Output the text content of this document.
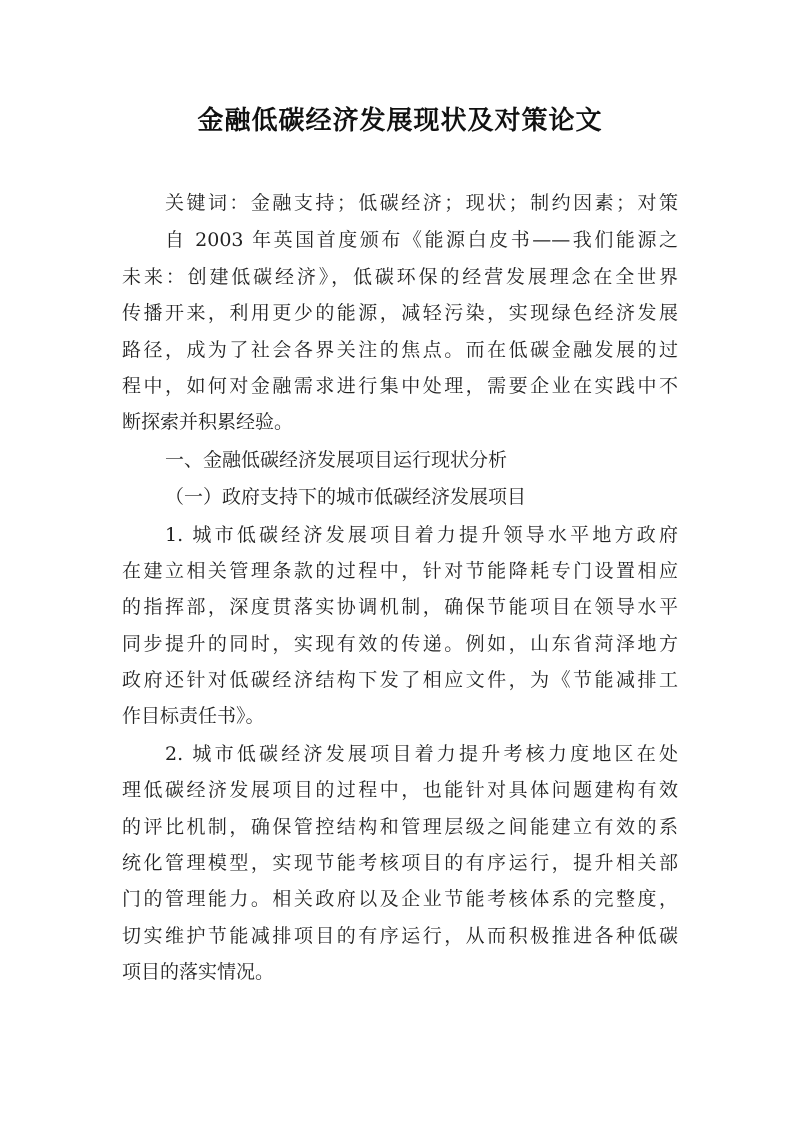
金融低碳经济发展现状及对策论文
关键词：金融支持；低碳经济；现状；制约因素；对策
自 2003 年英国首度颁布《能源白皮书——我们能源之
未来：创建低碳经济》，低碳环保的经营发展理念在全世界
传播开来，利用更少的能源，减轻污染，实现绿色经济发展
路径，成为了社会各界关注的焦点。而在低碳金融发展的过
程中，如何对金融需求进行集中处理，需要企业在实践中不
断探索并积累经验。
一、金融低碳经济发展项目运行现状分析
（一）政府支持下的城市低碳经济发展项目
1. 城市低碳经济发展项目着力提升领导水平地方政府
在建立相关管理条款的过程中，针对节能降耗专门设置相应
的指挥部，深度贯落实协调机制，确保节能项目在领导水平
同步提升的同时，实现有效的传递。例如，山东省菏泽地方
政府还针对低碳经济结构下发了相应文件，为《节能减排工
作目标责任书》。
2. 城市低碳经济发展项目着力提升考核力度地区在处
理低碳经济发展项目的过程中，也能针对具体问题建构有效
的评比机制，确保管控结构和管理层级之间能建立有效的系
统化管理模型，实现节能考核项目的有序运行，提升相关部
门的管理能力。相关政府以及企业节能考核体系的完整度，
切实维护节能减排项目的有序运行，从而积极推进各种低碳
项目的落实情况。
